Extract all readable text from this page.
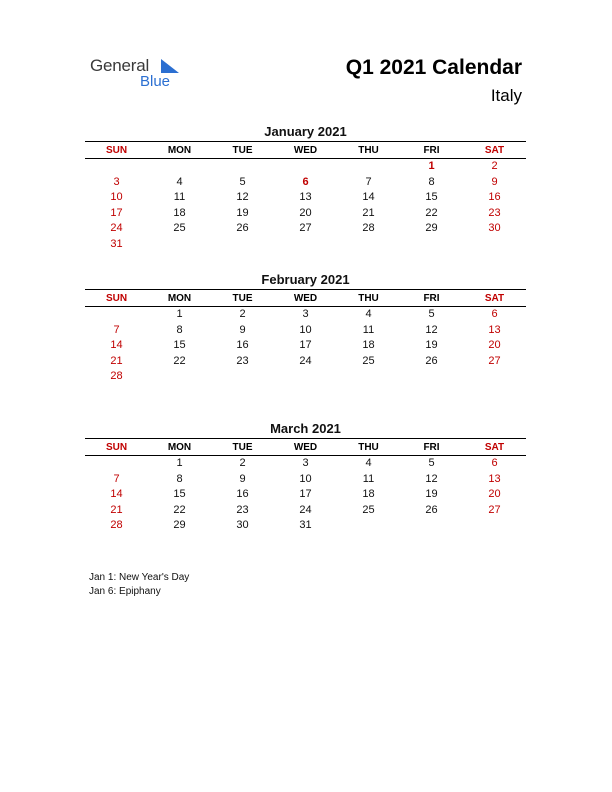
General
Blue
Q1 2021 Calendar
Italy
January 2021
SUN	MON	TUE	WED	THU	FRI	SAT
					1	2
3	4	5	6	7	8	9
10	11	12	13	14	15	16
17	18	19	20	21	22	23
24	25	26	27	28	29	30
31						
February 2021
SUN	MON	TUE	WED	THU	FRI	SAT
	1	2	3	4	5	6
7	8	9	10	11	12	13
14	15	16	17	18	19	20
21	22	23	24	25	26	27
28						
March 2021
SUN	MON	TUE	WED	THU	FRI	SAT
	1	2	3	4	5	6
7	8	9	10	11	12	13
14	15	16	17	18	19	20
21	22	23	24	25	26	27
28	29	30	31			
Jan 1: New Year's Day
Jan 6: Epiphany
